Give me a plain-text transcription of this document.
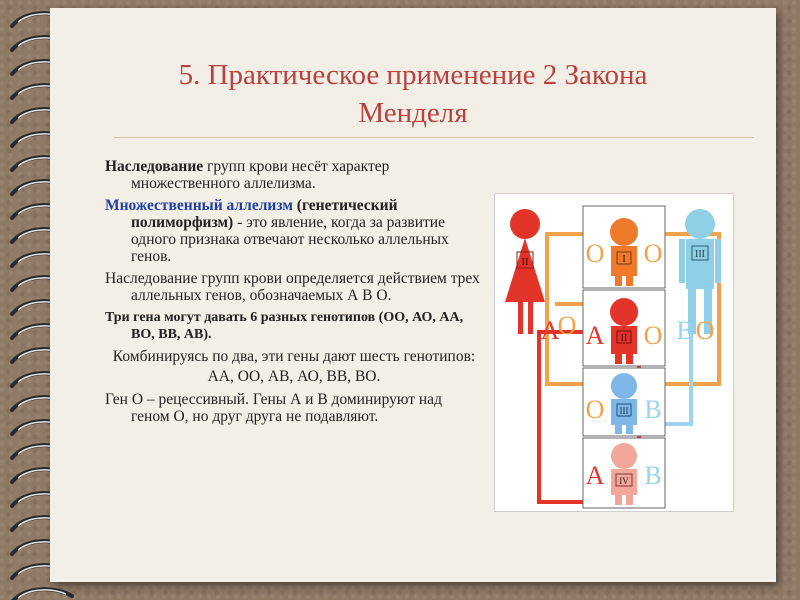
5. Практическое применение 2 Закона
Менделя

Наследование групп крови несёт характер множественного аллелизма.

Множественный аллелизм (генетический полиморфизм) - это явление, когда за развитие одного признака отвечают несколько аллельных генов.

Наследование групп крови определяется действием трех аллельных генов, обозначаемых А В О.

Три гена могут давать 6 разных генотипов (ОО, АО, АА, ВО, ВВ, АВ).

Комбинируясь по два, эти гены дают шесть генотипов:

АА, ОО, АВ, АО, ВВ, ВО.

Ген О – рецессивный. Гены А и В доминируют над геном О, но друг друга не подавляют.

II
III
I
II
III
IV
O O
A
O A O B O
O B
A B
